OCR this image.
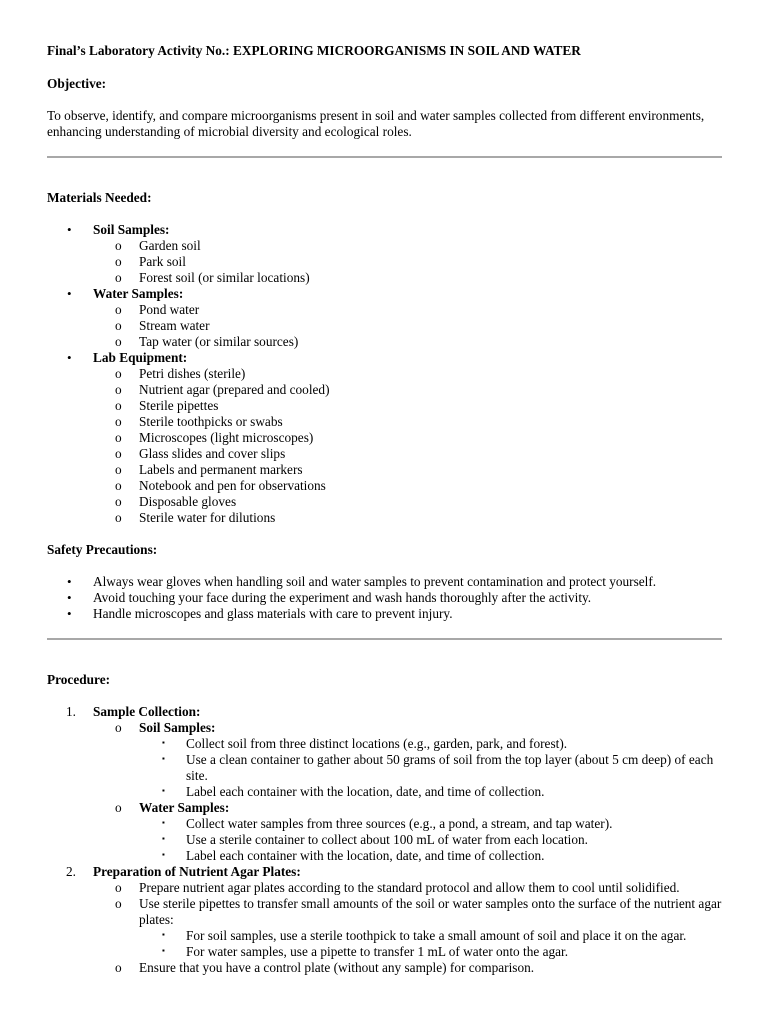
Final’s Laboratory Activity No.: EXPLORING MICROORGANISMS IN SOIL AND WATER

Objective:

To observe, identify, and compare microorganisms present in soil and water samples collected from different environments, enhancing understanding of microbial diversity and ecological roles.

Materials Needed:

•	Soil Samples:
o Garden soil
o Park soil
o Forest soil (or similar locations)
•	Water Samples:
o Pond water
o Stream water
o Tap water (or similar sources)
•	Lab Equipment:
o Petri dishes (sterile)
o Nutrient agar (prepared and cooled)
o Sterile pipettes
o Sterile toothpicks or swabs
o Microscopes (light microscopes)
o Glass slides and cover slips
o Labels and permanent markers
o Notebook and pen for observations
o Disposable gloves
o Sterile water for dilutions

Safety Precautions:

•	Always wear gloves when handling soil and water samples to prevent contamination and protect yourself.
•	Avoid touching your face during the experiment and wash hands thoroughly after the activity.
•	Handle microscopes and glass materials with care to prevent injury.

Procedure:

1.	Sample Collection:
o Soil Samples:
▪ Collect soil from three distinct locations (e.g., garden, park, and forest).
▪ Use a clean container to gather about 50 grams of soil from the top layer (about 5 cm deep) of each site.
▪ Label each container with the location, date, and time of collection.
o Water Samples:
▪ Collect water samples from three sources (e.g., a pond, a stream, and tap water).
▪ Use a sterile container to collect about 100 mL of water from each location.
▪ Label each container with the location, date, and time of collection.
2.	Preparation of Nutrient Agar Plates:
o Prepare nutrient agar plates according to the standard protocol and allow them to cool until solidified.
o Use sterile pipettes to transfer small amounts of the soil or water samples onto the surface of the nutrient agar plates:
▪ For soil samples, use a sterile toothpick to take a small amount of soil and place it on the agar.
▪ For water samples, use a pipette to transfer 1 mL of water onto the agar.
o Ensure that you have a control plate (without any sample) for comparison.
